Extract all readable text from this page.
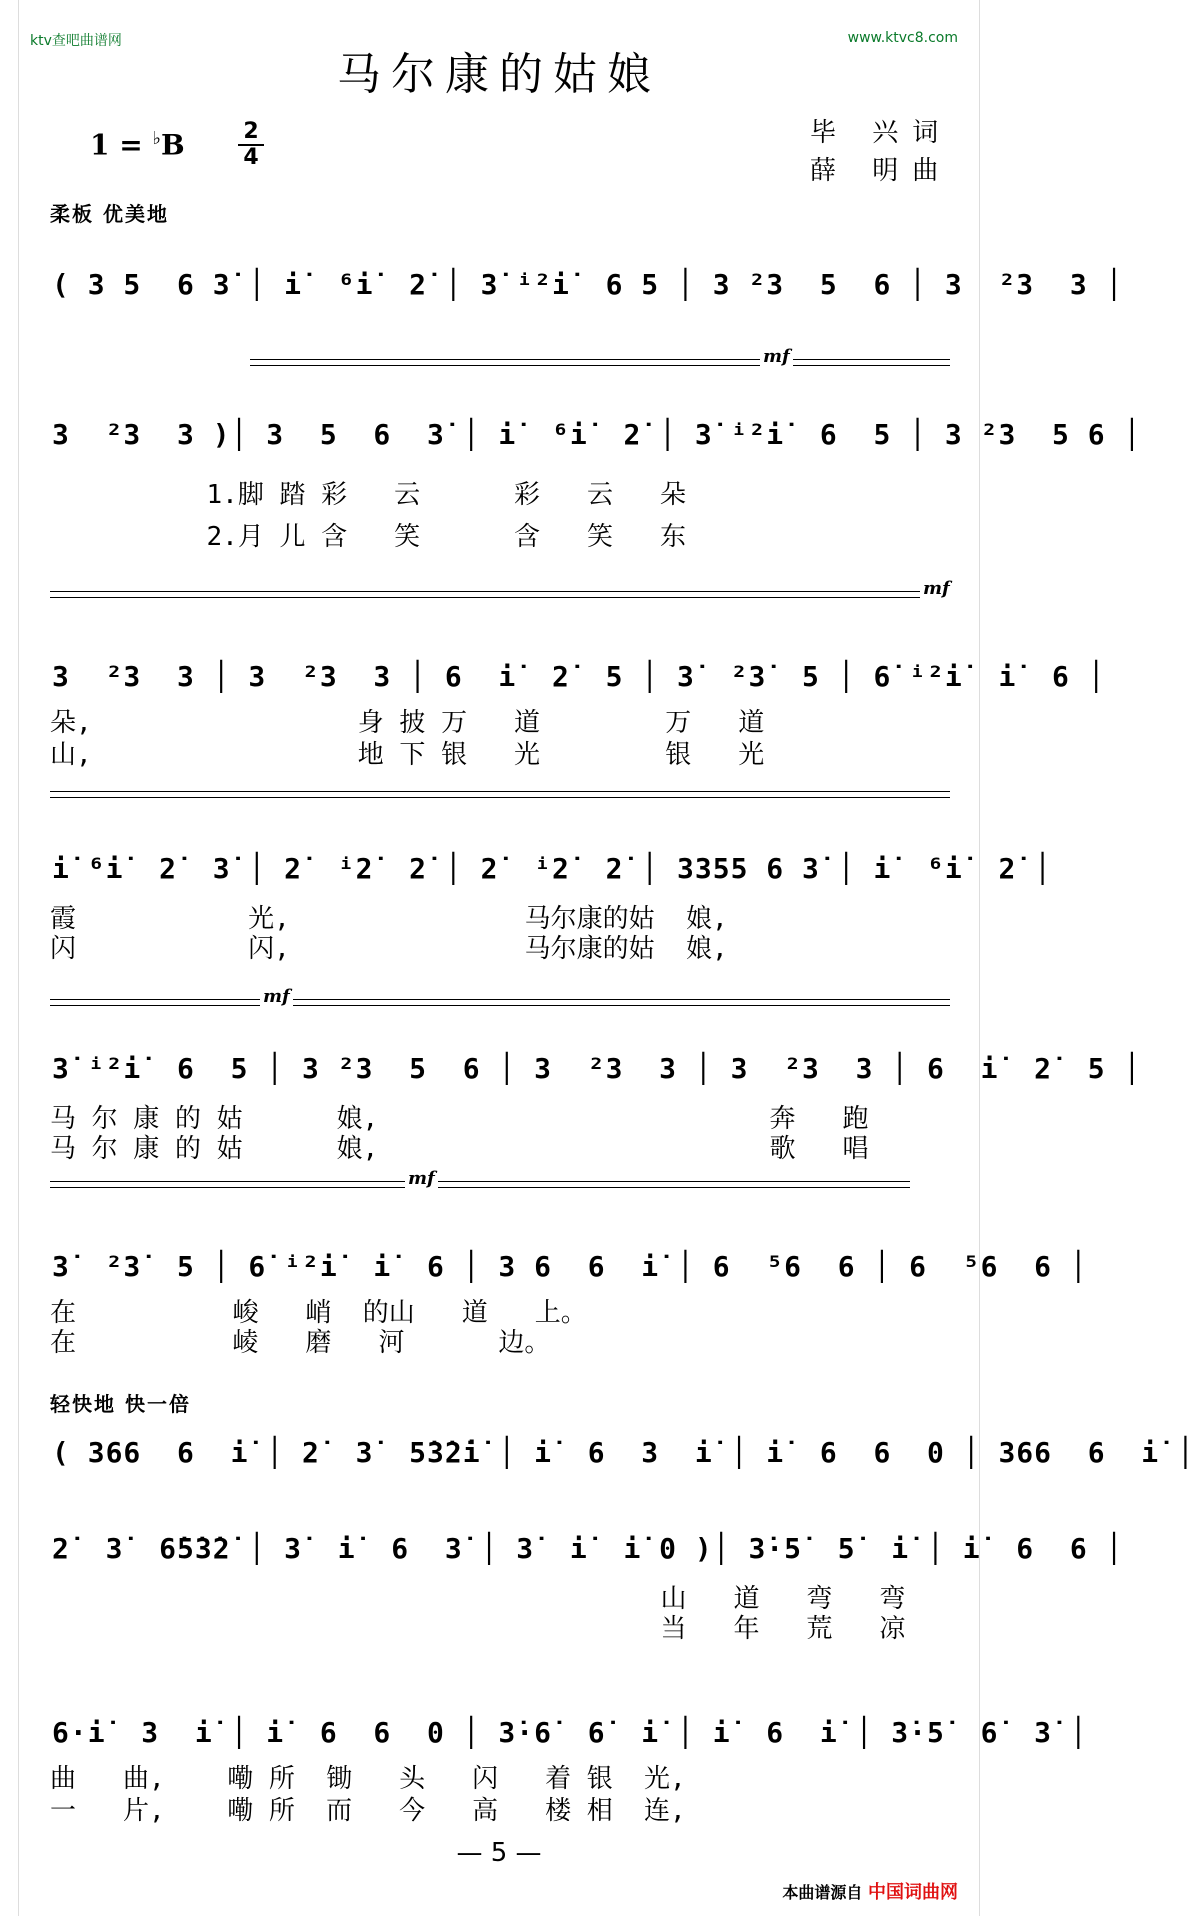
ktv查吧曲谱网	www.ktvc8.com
马尔康的姑娘
1 = ♭B	2
4
毕 兴词
薛 明曲
柔板 优美地
( 3 5  6 3̇ │ i̇  ⁶i̇  2̇ │ 3̇ ⁱ²i̇  6 5 │ 3 ²3  5  6 │ 3  ²3  3 │
mf
3  ²3  3 )│ 3  5  6  3̇ │ i̇  ⁶i̇  2̇ │ 3̇ ⁱ²i̇  6  5 │ 3 ²3  5 6 │
1.脚 踏 彩   云      彩   云   朵
2.月 儿 含   笑      含   笑   东
mf
3  ²3  3 │ 3  ²3  3 │ 6  i̇  2̇  5 │ 3̇  ²3̇  5 │ 6̇ ⁱ²i̇  i̇  6 │
朵,                 身 披 万   道        万   道
山,                 地 下 银   光        银   光
i̇ ⁶i̇  2̇  3̇ │ 2̇  ⁱ2̇  2̇ │ 2̇  ⁱ2̇  2̇ │ 3355 6 3̇ │ i̇  ⁶i̇  2̇ │
霞           光,               马尔康的姑  娘,
闪           闪,               马尔康的姑  娘,
mf
3̇ ⁱ²i̇  6  5 │ 3 ²3  5  6 │ 3  ²3  3 │ 3  ²3  3 │ 6  i̇  2̇  5 │
马 尔 康 的 姑      娘,                         奔   跑
马 尔 康 的 姑      娘,                         歌   唱
mf
3̇  ²3̇  5 │ 6̇ ⁱ²i̇  i̇  6 │ 3 6  6  i̇ │ 6  ⁵6  6 │ 6  ⁵6  6 │
在          峻   峭  的山   道   上。
在          崚   磨   河      边。
轻快地 快一倍
( 366  6  i̇ │ 2̇  3̇  5̇3̇2̇i̇ │ i̇  6  3  i̇ │ i̇  6  6  0 │ 366  6  i̇ │
2̇  3̇  6̇5̇3̇2̇ │ 3̇  i̇  6  3̇ │ 3̇  i̇  i̇ 0 )│ 3̇·5̇  5̇  i̇ │ i̇  6  6 │
山   道   弯   弯
当   年   荒   凉
6·i̇  3  i̇ │ i̇  6  6  0 │ 3̇·6̇  6̇  i̇ │ i̇  6  i̇ │ 3̇·5̇  6̇  3̇ │
曲   曲,    嘞 所  锄   头   闪   着 银  光,
一   片,    嘞 所  而   今   高   楼 相  连,
— 5 —
本曲谱源自 中国词曲网
